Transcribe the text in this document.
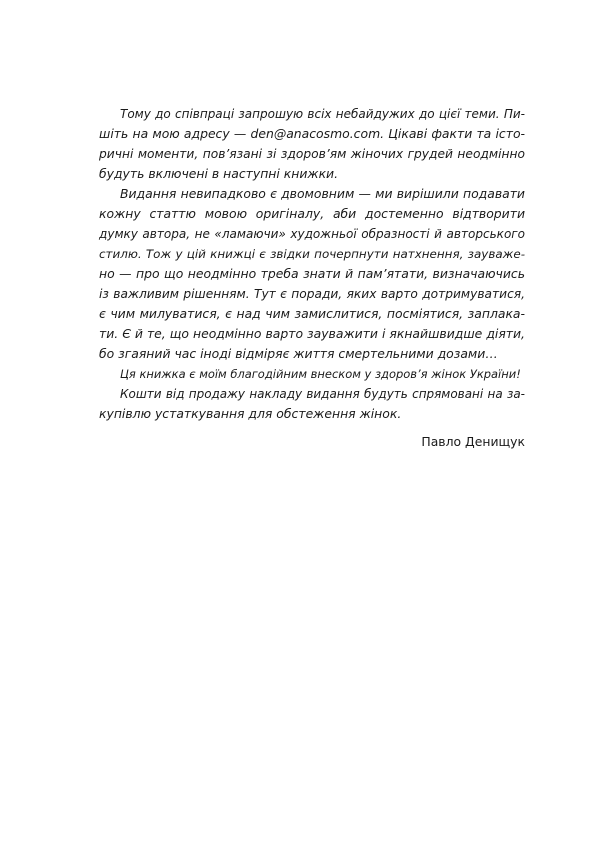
Тому до співпраці запрошую всіх небайдужих до цієї теми. Пи-
шіть на мою адресу — den@anacosmo.com. Цікаві факти та істо-
ричні моменти, пов’язані зі здоров’ям жіночих грудей неодмінно
будуть включені в наступні книжки.
Видання невипадково є двомовним — ми вирішили подавати
кожну статтю мовою оригіналу, аби достеменно відтворити
думку автора, не «ламаючи» художньої образності й авторського
стилю. Тож у цій книжці є звідки почерпнути натхнення, зауваже-
но — про що неодмінно треба знати й пам’ятати, визначаючись
із важливим рішенням. Тут є поради, яких варто дотримуватися,
є чим милуватися, є над чим замислитися, посміятися, заплака-
ти. Є й те, що неодмінно варто зауважити і якнайшвидше діяти,
бо згаяний час іноді відміряє життя смертельними дозами…
Ця книжка є моїм благодійним внеском у здоров’я жінок України!
Кошти від продажу накладу видання будуть спрямовані на за-
купівлю устаткування для обстеження жінок.
Павло Денищук
